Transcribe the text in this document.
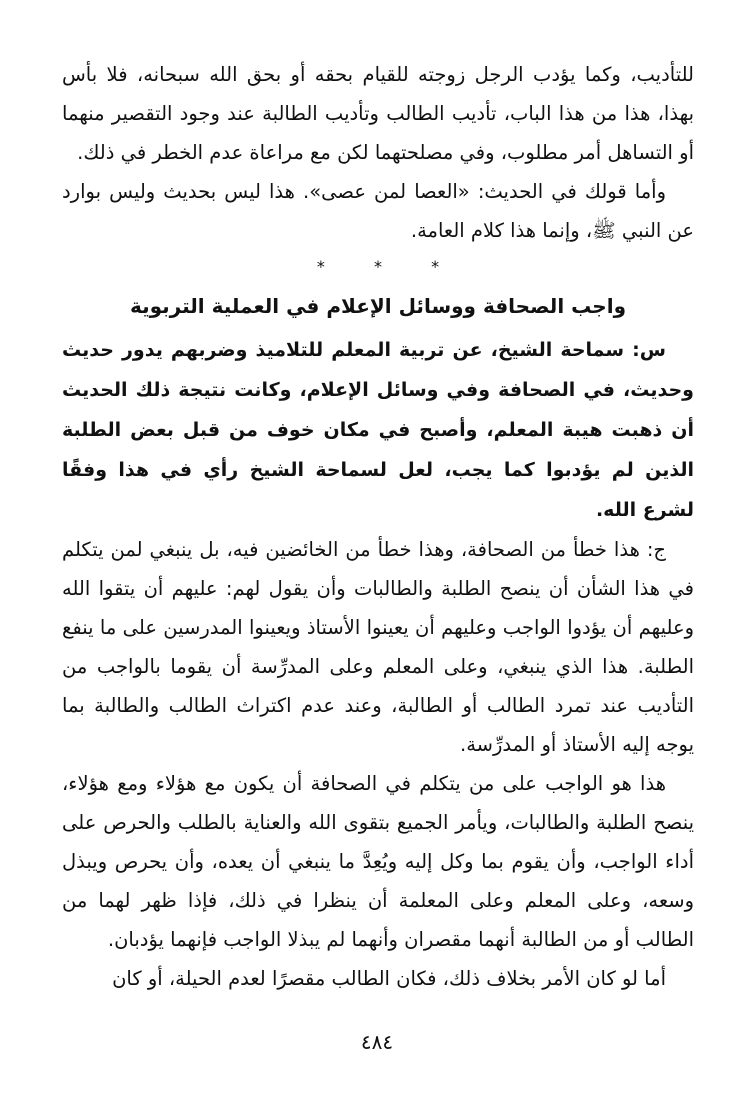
للتأديب، وكما يؤدب الرجل زوجته للقيام بحقه أو بحق الله سبحانه، فلا بأس بهذا، هذا من هذا الباب، تأديب الطالب وتأديب الطالبة عند وجود التقصير منهما أو التساهل أمر مطلوب، وفي مصلحتهما لكن مع مراعاة عدم الخطر في ذلك.

وأما قولك في الحديث: «العصا لمن عصى». هذا ليس بحديث وليس بوارد عن النبي ﷺ، وإنما هذا كلام العامة.

* * *
واجب الصحافة ووسائل الإعلام في العملية التربوية

س: سماحة الشيخ، عن تربية المعلم للتلاميذ وضربهم يدور حديث وحديث، في الصحافة وفي وسائل الإعلام، وكانت نتيجة ذلك الحديث أن ذهبت هيبة المعلم، وأصبح في مكان خوف من قبل بعض الطلبة الذين لم يؤدبوا كما يجب، لعل لسماحة الشيخ رأي في هذا وفقًا لشرع الله.

ج: هذا خطأ من الصحافة، وهذا خطأ من الخائضين فيه، بل ينبغي لمن يتكلم في هذا الشأن أن ينصح الطلبة والطالبات وأن يقول لهم: عليهم أن يتقوا الله وعليهم أن يؤدوا الواجب وعليهم أن يعينوا الأستاذ ويعينوا المدرسين على ما ينفع الطلبة. هذا الذي ينبغي، وعلى المعلم وعلى المدرِّسة أن يقوما بالواجب من التأديب عند تمرد الطالب أو الطالبة، وعند عدم اكتراث الطالب والطالبة بما يوجه إليه الأستاذ أو المدرِّسة.

هذا هو الواجب على من يتكلم في الصحافة أن يكون مع هؤلاء ومع هؤلاء، ينصح الطلبة والطالبات، ويأمر الجميع بتقوى الله والعناية بالطلب والحرص على أداء الواجب، وأن يقوم بما وكل إليه ويُعِدَّ ما ينبغي أن يعده، وأن يحرص ويبذل وسعه، وعلى المعلم وعلى المعلمة أن ينظرا في ذلك، فإذا ظهر لهما من الطالب أو من الطالبة أنهما مقصران وأنهما لم يبذلا الواجب فإنهما يؤدبان.

أما لو كان الأمر بخلاف ذلك، فكان الطالب مقصرًا لعدم الحيلة، أو كان

٤٨٤
